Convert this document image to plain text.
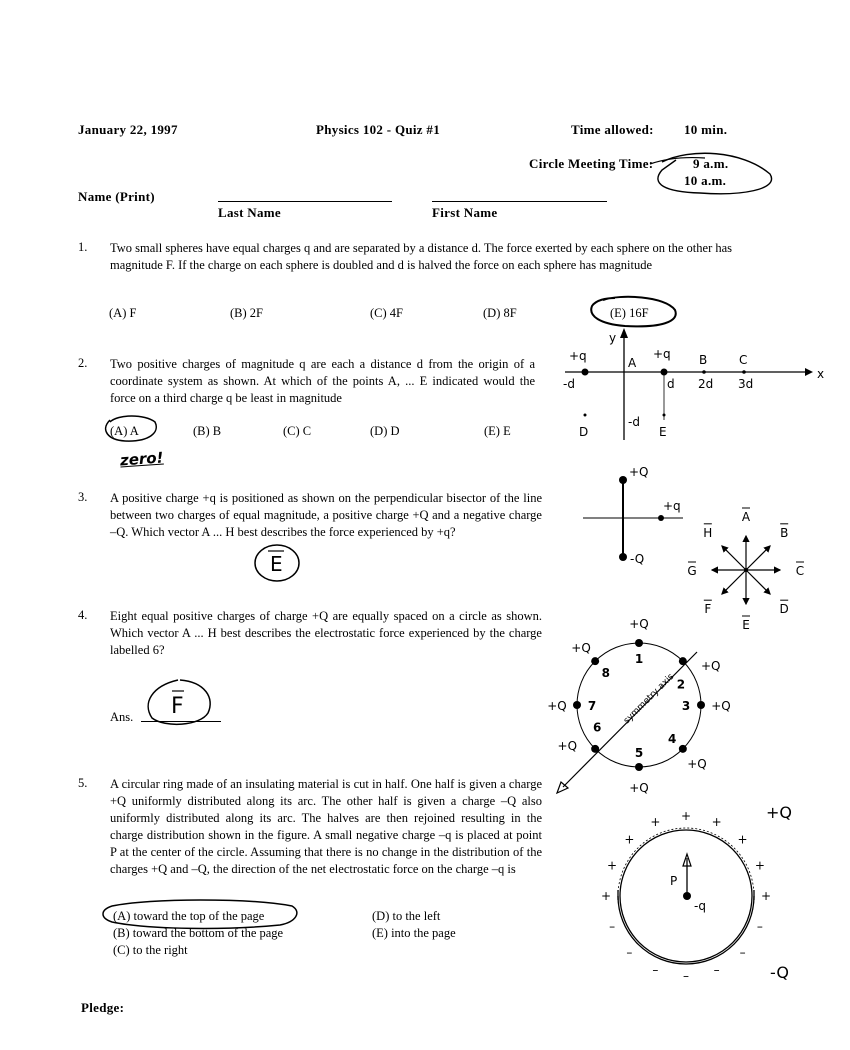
January 22, 1997	Physics 102 - Quiz #1	Time allowed: 10 min.
Circle Meeting Time:	9 a.m.
10 a.m.
Name (Print)
Last Name	First Name
1. Two small spheres have equal charges q and are separated by a distance d. The force exerted by each sphere on the other has magnitude F. If the charge on each sphere is doubled and d is halved the force on each sphere has magnitude
(A) F	(B) 2F	(C) 4F	(D) 8F	(E) 16F
2. Two positive charges of magnitude q are each a distance d from the origin of a coordinate system as shown. At which of the points A, ... E indicated would the force on a third charge q be least in magnitude
(A) A	(B) B	(C) C	(D) D	(E) E
zero!
y
x
+q	+q
A	B	C
D	E
-d	d 2d 3d
-d
3. A positive charge +q is positioned as shown on the perpendicular bisector of the line between two charges of equal magnitude, a positive charge +Q and a negative charge –Q. Which vector A ... H best describes the force experienced by +q?
E
+Q
-Q
+q
A
B
C
D
E
F
G
H
4. Eight equal positive charges of charge +Q are equally spaced on a circle as shown. Which vector A ... H best describes the electrostatic force experienced by the charge labelled 6?
Ans. F
1
+Q
2
+Q
3 +Q
4
+Q
5
+Q
6
+Q
7
+Q
8
+Q
symmetry axis
5. A circular ring made of an insulating material is cut in half. One half is given a charge +Q uniformly distributed along its arc. The other half is given a charge –Q also uniformly distributed along its arc. The halves are then rejoined resulting in the charge distribution shown in the figure. A small negative charge –q is placed at point P at the center of the circle. Assuming that there is no change in the distribution of the charges +Q and –Q, the direction of the net electrostatic force on the charge –q is
(A) toward the top of the page
(B) toward the bottom of the page
(C) to the right
(D) to the left
(E) into the page
+
+
+
+ + +
+
+
+
–
–
–
–
–
–
–
P
-q
+Q
-Q
Pledge:
